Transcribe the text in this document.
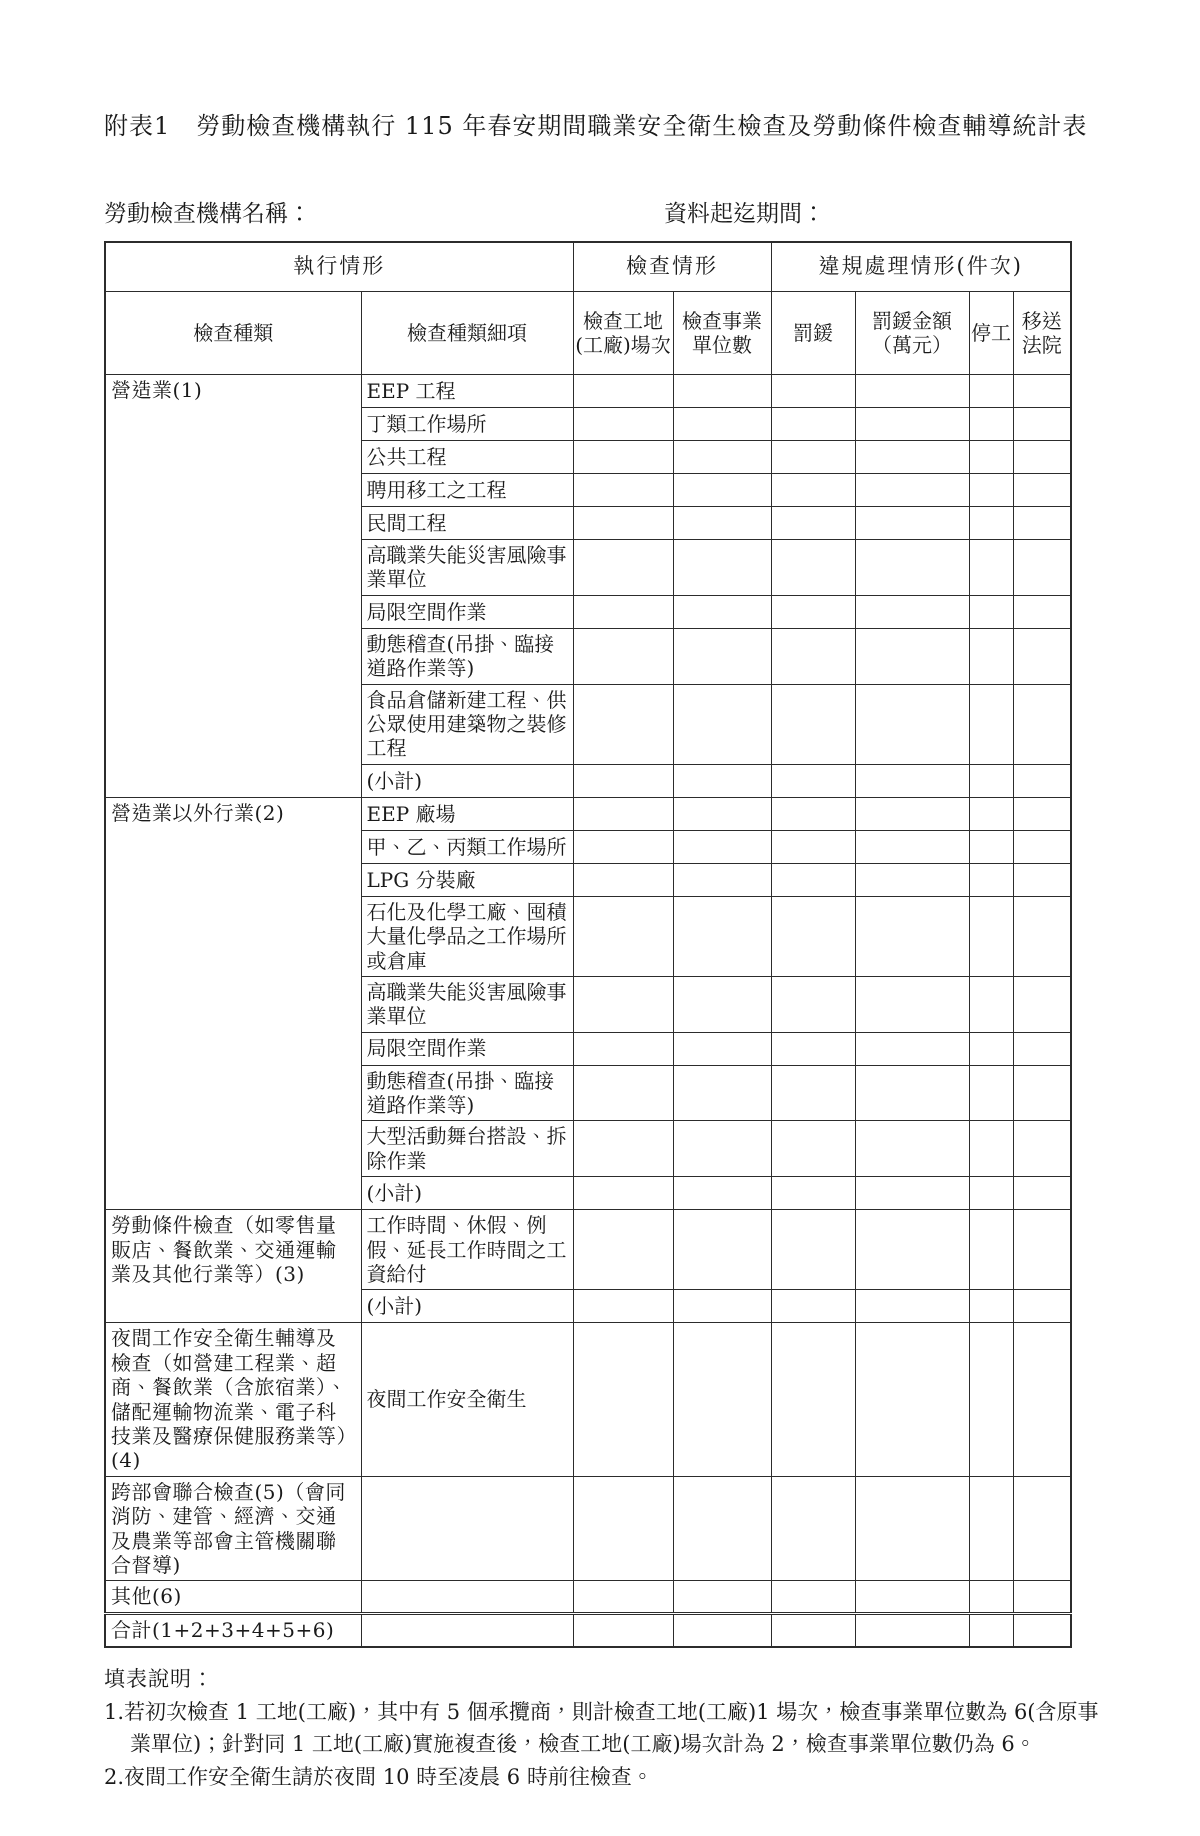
附表1 勞動檢查機構執行 115 年春安期間職業安全衛生檢查及勞動條件檢查輔導統計表
勞動檢查機構名稱：	資料起迄期間：
執行情形		檢查情形		違規處理情形(件次)			
檢查種類	檢查種類細項	檢查工地(工廠)場次	檢查事業單位數	罰鍰	罰鍰金額（萬元）	停工	移送法院
營造業(1)	EEP 工程						
	丁類工作場所						
	公共工程						
	聘用移工之工程						
	民間工程						
	高職業失能災害風險事業單位						
	局限空間作業						
	動態稽查(吊掛、臨接道路作業等)						
	食品倉儲新建工程、供公眾使用建築物之裝修工程						
	(小計)						
營造業以外行業(2)	EEP 廠場						
	甲、乙、丙類工作場所						
	LPG 分裝廠						
	石化及化學工廠、囤積大量化學品之工作場所或倉庫						
	高職業失能災害風險事業單位						
	局限空間作業						
	動態稽查(吊掛、臨接道路作業等)						
	大型活動舞台搭設、拆除作業						
	(小計)						
勞動條件檢查（如零售量販店、餐飲業、交通運輸業及其他行業等）(3)	工作時間、休假、例假、延長工作時間之工資給付						
	(小計)						
夜間工作安全衛生輔導及檢查（如營建工程業、超商、餐飲業（含旅宿業）、儲配運輸物流業、電子科技業及醫療保健服務業等）(4)	夜間工作安全衛生						
跨部會聯合檢查(5)（會同消防、建管、經濟、交通及農業等部會主管機關聯合督導)							
其他(6)							
合計(1+2+3+4+5+6)							
填表說明：
1.若初次檢查 1 工地(工廠)，其中有 5 個承攬商，則計檢查工地(工廠)1 場次，檢查事業單位數為 6(含原事業單位)；針對同 1 工地(工廠)實施複查後，檢查工地(工廠)場次計為 2，檢查事業單位數仍為 6。
2.夜間工作安全衛生請於夜間 10 時至凌晨 6 時前往檢查。
